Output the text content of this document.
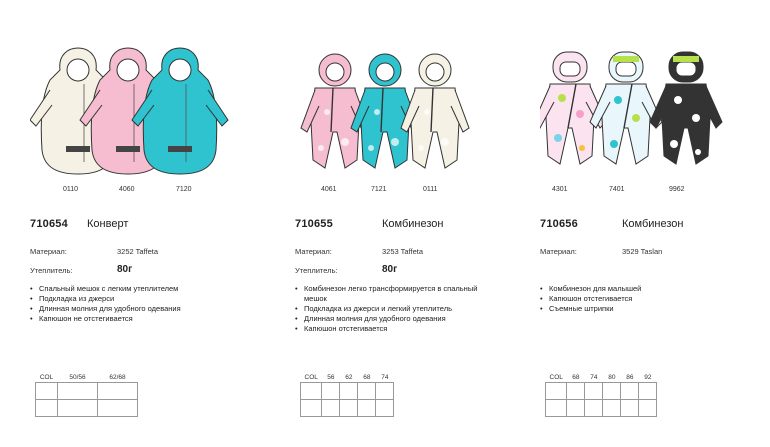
0110	4060	7120
710654 Конверт
Материал:	3252 Taffeta
Утеплитель:	80г
• Спальный мешок с легким утеплителем
• Подкладка из джерси
• Длинная молния для удобного одевания
• Капюшон не отстегивается
COL	50/56	62/68

4061	7121	0111
710655	Комбинезон
Материал:	3253 Taffeta
Утеплитель:	80г
• Комбинезон легко трансформируется в спальный мешок
• Подкладка из джерси и легкий утеплитель
• Длинная молния для удобного одевания
• Капюшон отстегивается
COL	56	62	68	74

4301	7401	9962
710656	Комбинезон
Материал:	3529 Taslan
• Комбинезон для малышей
• Капюшон отстегивается
• Съемные штрипки
COL	68	74	80	86	92
